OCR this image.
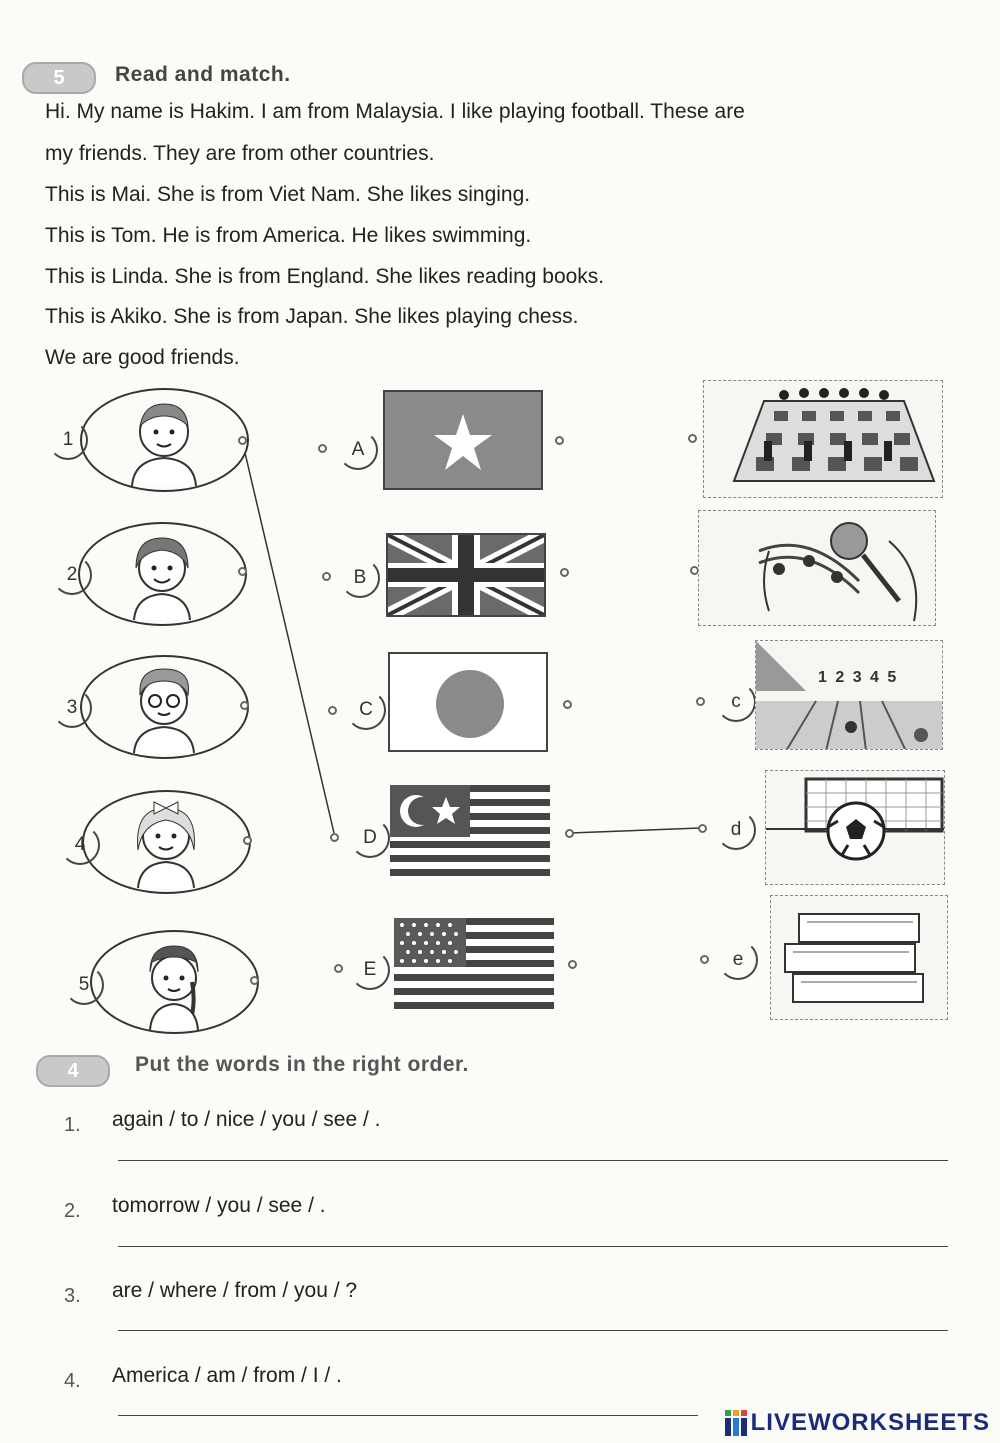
5 Read and match.
Hi. My name is Hakim. I am from Malaysia. I like playing football. These are
my friends. They are from other countries.
This is Mai. She is from Viet Nam. She likes singing.
This is Tom. He is from America. He likes swimming.
This is Linda. She is from England. She likes reading books.
This is Akiko. She is from Japan. She likes playing chess.
We are good friends.
1
2
3
4
5
A
B
C
D
E
c
1 2 3 4 5
d
e
4	Put the words in the right order.
1. again / to / nice / you / see / .
2. tomorrow / you / see / .
3. are / where / from / you / ?
4. America / am / from / I / .
LIVEWORKSHEETS
